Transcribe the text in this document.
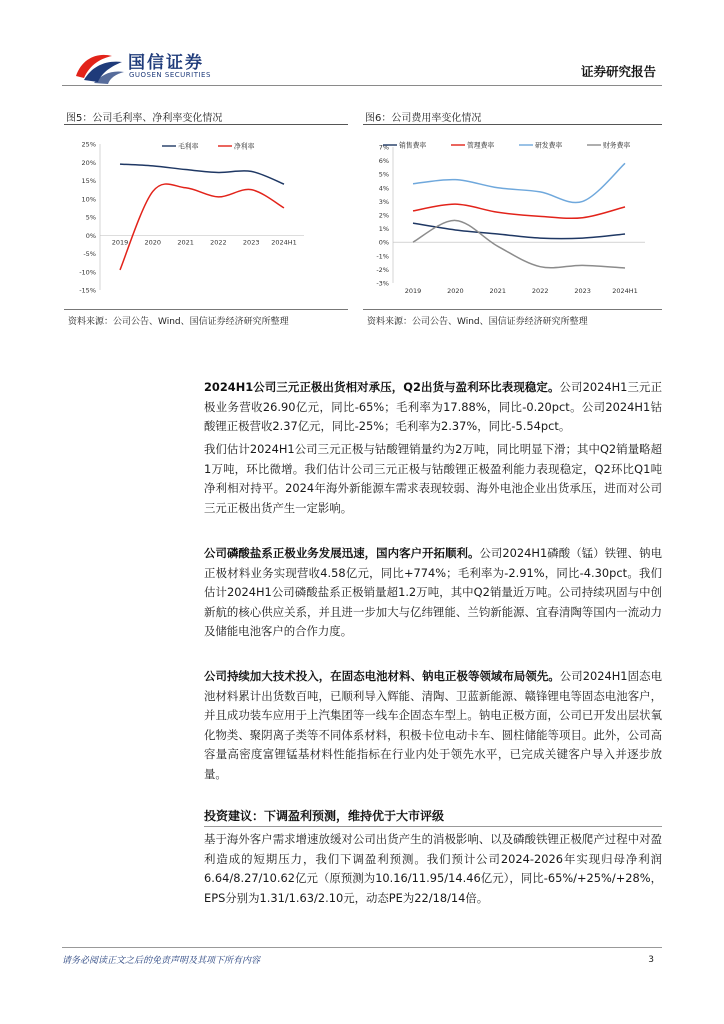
国信证券
GUOSEN SECURITIES	证券研究报告
图5：公司毛利率、净利率变化情况
25%
20%
15%
10%
5%
0%
-5%
-10%
-15%
2019	2020	2021	2022	2023 2024H1
毛利率	净利率
资料来源：公司公告、Wind、国信证券经济研究所整理
图6：公司费用率变化情况
7%
6%
5%
4%
3%
2%
1%
0%
-1%
-2%
-3%
2019	2020	2021	2022	2023	2024H1
销售费率	管理费率	研发费率	财务费率
资料来源：公司公告、Wind、国信证券经济研究所整理

2024H1公司三元正极出货相对承压，Q2出货与盈利环比表现稳定。公司2024H1三元正极业务营收26.90亿元，同比-65%；毛利率为17.88%，同比-0.20pct。公司2024H1钴酸锂正极营收2.37亿元，同比-25%；毛利率为2.37%，同比-5.54pct。

我们估计2024H1公司三元正极与钴酸锂销量约为2万吨，同比明显下滑；其中Q2销量略超1万吨，环比微增。我们估计公司三元正极与钴酸锂正极盈利能力表现稳定，Q2环比Q1吨净利相对持平。2024年海外新能源车需求表现较弱、海外电池企业出货承压，进而对公司三元正极出货产生一定影响。

公司磷酸盐系正极业务发展迅速，国内客户开拓顺利。公司2024H1磷酸（锰）铁锂、钠电正极材料业务实现营收4.58亿元，同比+774%；毛利率为-2.91%，同比-4.30pct。我们估计2024H1公司磷酸盐系正极销量超1.2万吨，其中Q2销量近万吨。公司持续巩固与中创新航的核心供应关系，并且进一步加大与亿纬锂能、兰钧新能源、宜春清陶等国内一流动力及储能电池客户的合作力度。

公司持续加大技术投入，在固态电池材料、钠电正极等领域布局领先。公司2024H1固态电池材料累计出货数百吨，已顺利导入辉能、清陶、卫蓝新能源、赣锋锂电等固态电池客户，并且成功装车应用于上汽集团等一线车企固态车型上。钠电正极方面，公司已开发出层状氧化物类、聚阴离子类等不同体系材料，积极卡位电动卡车、圆柱储能等项目。此外，公司高容量高密度富锂锰基材料性能指标在行业内处于领先水平，已完成关键客户导入并逐步放量。

投资建议：下调盈利预测，维持优于大市评级

基于海外客户需求增速放缓对公司出货产生的消极影响、以及磷酸铁锂正极爬产过程中对盈利造成的短期压力，我们下调盈利预测。我们预计公司2024-2026年实现归母净利润6.64/8.27/10.62亿元（原预测为10.16/11.95/14.46亿元），同比-65%/+25%/+28%，EPS分别为1.31/1.63/2.10元，动态PE为22/18/14倍。

请务必阅读正文之后的免责声明及其项下所有内容	3
